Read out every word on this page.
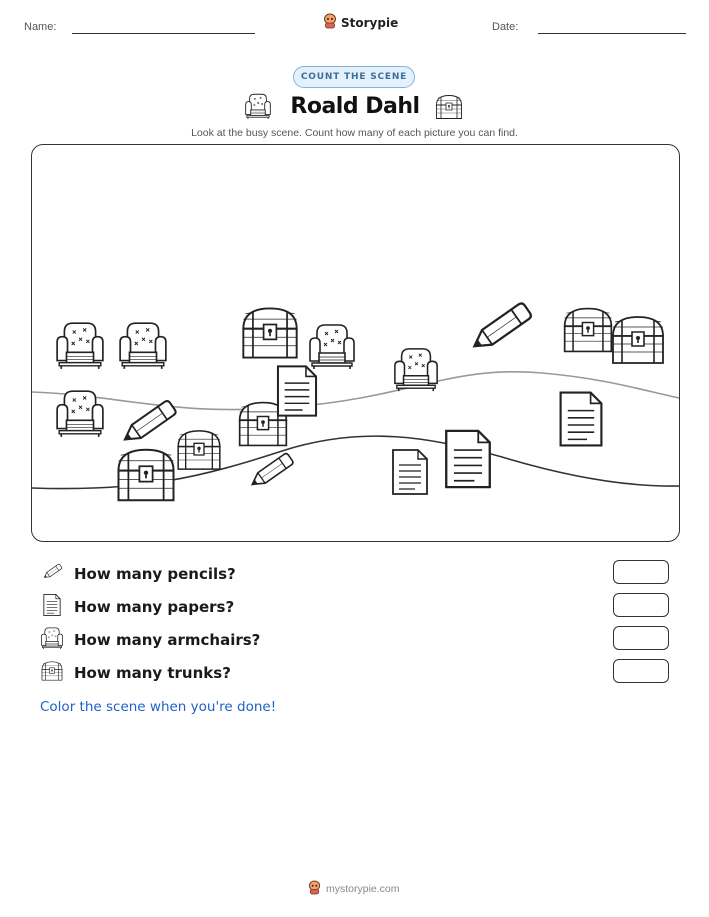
Name:	Storypie	Date:
COUNT THE SCENE
Roald Dahl
Look at the busy scene. Count how many of each picture you can find.
How many pencils?
How many papers?
How many armchairs?
How many trunks?
Color the scene when you're done!
mystorypie.com
